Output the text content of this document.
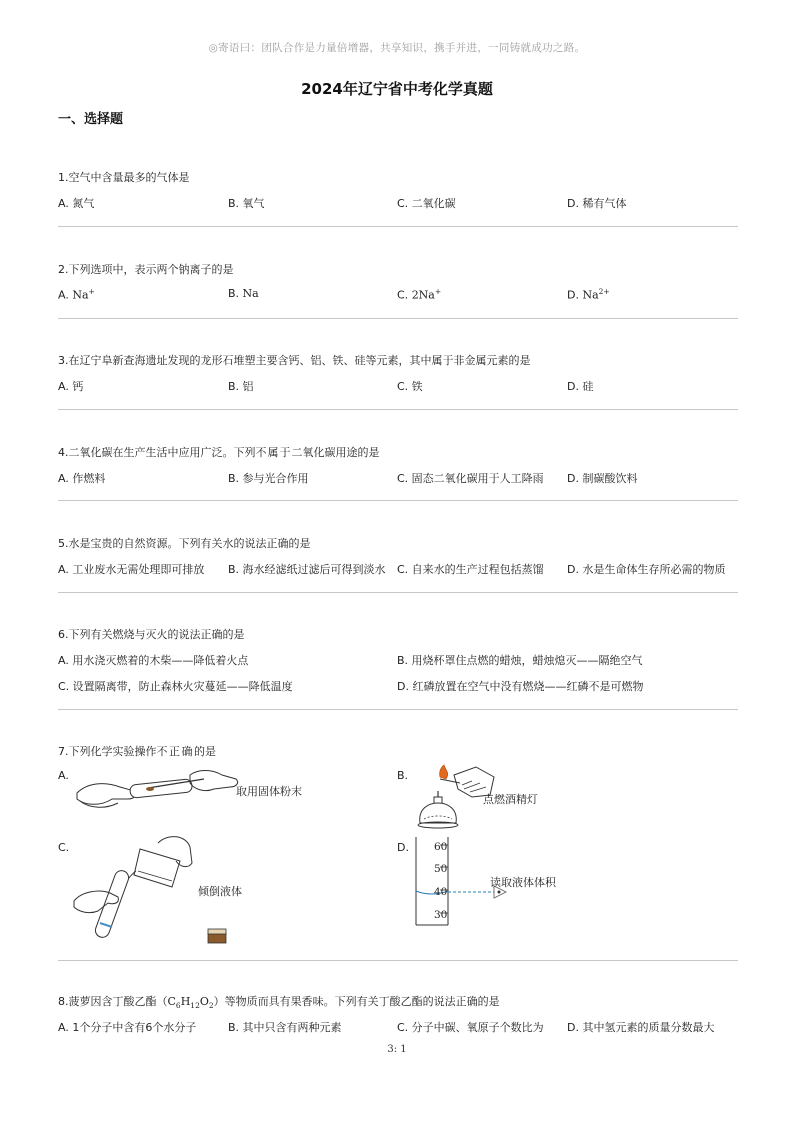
◎寄语曰：团队合作是力量倍增器，共享知识，携手并进，一同铸就成功之路。
2024年辽宁省中考化学真题
一、选择题
1.空气中含量最多的气体是
A. 氮气	B. 氧气	C. 二氧化碳	D. 稀有气体
2.下列选项中，表示两个钠离子的是
A. Na+	B. Na	C. 2Na+	D. $Na^{2+}$
3.在辽宁阜新查海遗址发现的龙形石堆塑主要含钙、铝、铁、硅等元素，其中属于非金属元素的是
A. 钙	B. 铝	C. 铁	D. 硅
4.二氧化碳在生产生活中应用广泛。下列不属于二氧化碳用途的是
A. 作燃料	B. 参与光合作用	C. 固态二氧化碳用于人工降雨 D. 制碳酸饮料
5.水是宝贵的自然资源。下列有关水的说法正确的是
A. 工业废水无需处理即可排放 B. 海水经滤纸过滤后可得到淡水 C. 自来水的生产过程包括蒸馏 D. 水是生命体生存所必需的物质
6.下列有关燃烧与灭火的说法正确的是
A. 用水浇灭燃着的木柴——降低着火点	B. 用烧杯罩住点燃的蜡烛，蜡烛熄灭——隔绝空气
C. 设置隔离带，防止森林火灾蔓延——降低温度	D. 红磷放置在空气中没有燃烧——红磷不是可燃物
7.下列化学实验操作不正确的是
A.
取用固体粉末
B.
点燃酒精灯
C.
倾倒液体
D. 60
50
40
30
读取液体体积
8.菠萝因含丁酸乙酯$(C_6H_{12}O_2)$等物质而具有果香味。下列有关丁酸乙酯的说法正确的是
A. 1个分子中含有6个水分子	B. 其中只含有两种元素	C. 分子中碳、氧原子个数比为 D. 其中氢元素的质量分数最大
3: 1
